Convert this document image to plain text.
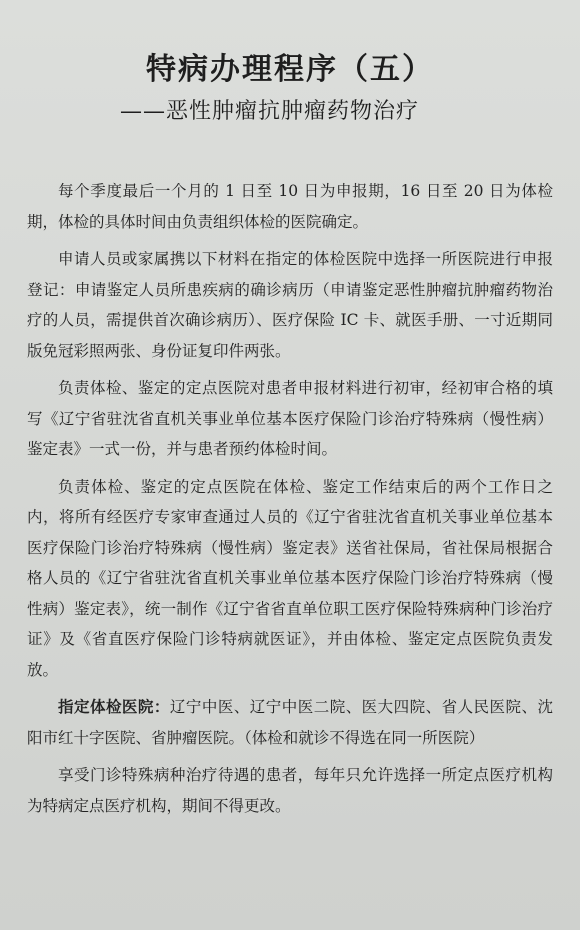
特病办理程序（五）
——恶性肿瘤抗肿瘤药物治疗

每个季度最后一个月的 1 日至 10 日为申报期，16 日至 20 日为体检期，体检的具体时间由负责组织体检的医院确定。

申请人员或家属携以下材料在指定的体检医院中选择一所医院进行申报登记：申请鉴定人员所患疾病的确诊病历（申请鉴定恶性肿瘤抗肿瘤药物治疗的人员，需提供首次确诊病历）、医疗保险 IC 卡、就医手册、一寸近期同版免冠彩照两张、身份证复印件两张。

负责体检、鉴定的定点医院对患者申报材料进行初审，经初审合格的填写《辽宁省驻沈省直机关事业单位基本医疗保险门诊治疗特殊病（慢性病）鉴定表》一式一份，并与患者预约体检时间。

负责体检、鉴定的定点医院在体检、鉴定工作结束后的两个工作日之内，将所有经医疗专家审查通过人员的《辽宁省驻沈省直机关事业单位基本医疗保险门诊治疗特殊病（慢性病）鉴定表》送省社保局，省社保局根据合格人员的《辽宁省驻沈省直机关事业单位基本医疗保险门诊治疗特殊病（慢性病）鉴定表》，统一制作《辽宁省省直单位职工医疗保险特殊病种门诊治疗证》及《省直医疗保险门诊特病就医证》，并由体检、鉴定定点医院负责发放。

指定体检医院：辽宁中医、辽宁中医二院、医大四院、省人民医院、沈阳市红十字医院、省肿瘤医院。（体检和就诊不得选在同一所医院）

享受门诊特殊病种治疗待遇的患者，每年只允许选择一所定点医疗机构为特病定点医疗机构，期间不得更改。
